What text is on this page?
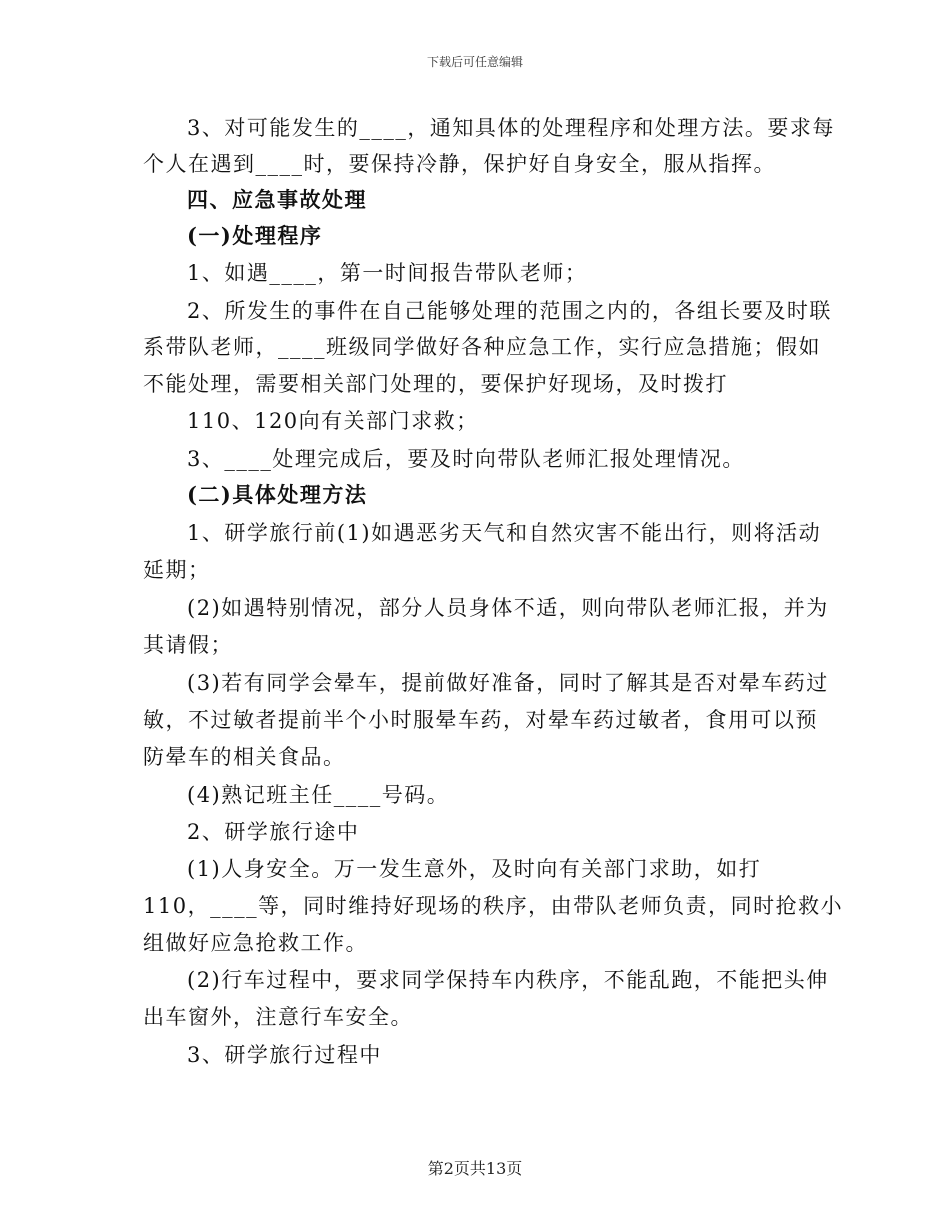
下载后可任意编辑
3、对可能发生的____，通知具体的处理程序和处理方法。要求每
个人在遇到____时，要保持冷静，保护好自身安全，服从指挥。
四、应急事故处理
(一)处理程序
1、如遇____，第一时间报告带队老师；
2、所发生的事件在自己能够处理的范围之内的，各组长要及时联
系带队老师，____班级同学做好各种应急工作，实行应急措施；假如
不能处理，需要相关部门处理的，要保护好现场，及时拨打
110、120向有关部门求救；
3、____处理完成后，要及时向带队老师汇报处理情况。
(二)具体处理方法
1、研学旅行前(1)如遇恶劣天气和自然灾害不能出行，则将活动
延期；
(2)如遇特别情况，部分人员身体不适，则向带队老师汇报，并为
其请假；
(3)若有同学会晕车，提前做好准备，同时了解其是否对晕车药过
敏，不过敏者提前半个小时服晕车药，对晕车药过敏者，食用可以预
防晕车的相关食品。
(4)熟记班主任____号码。
2、研学旅行途中
(1)人身安全。万一发生意外，及时向有关部门求助，如打
110，____等，同时维持好现场的秩序，由带队老师负责，同时抢救小
组做好应急抢救工作。
(2)行车过程中，要求同学保持车内秩序，不能乱跑，不能把头伸
出车窗外，注意行车安全。
3、研学旅行过程中
第2页共13页
